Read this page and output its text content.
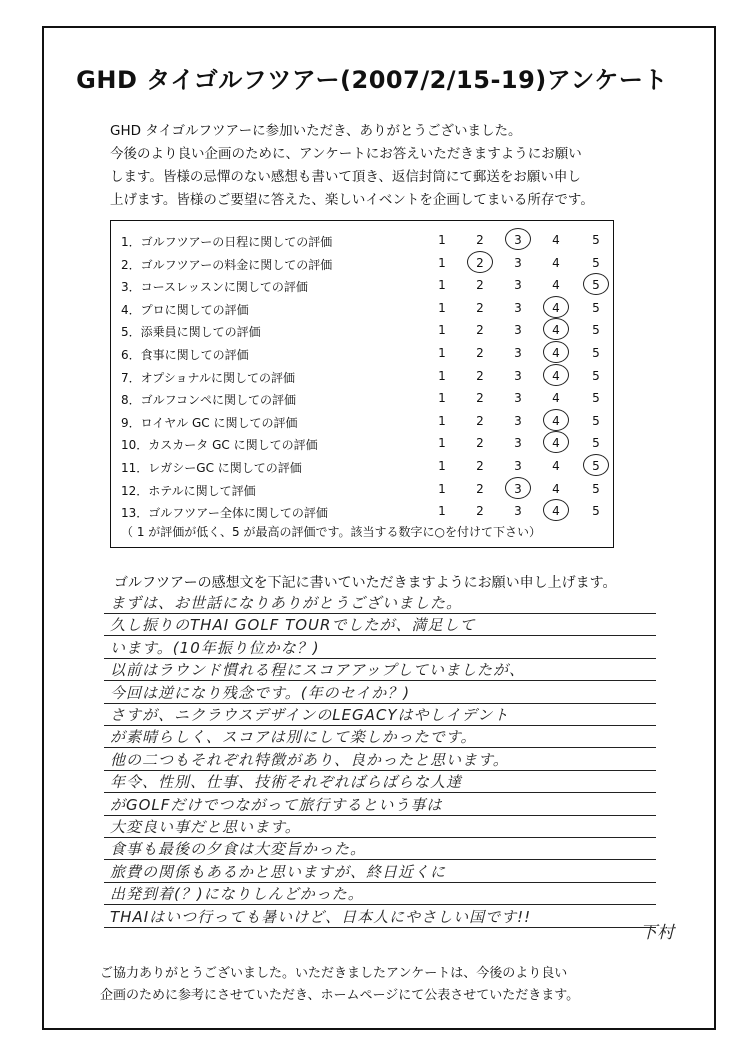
GHD タイゴルフツアー(2007/2/15-19)アンケート
GHD タイゴルフツアーに参加いただき、ありがとうございました。
今後のより良い企画のために、アンケートにお答えいただきますようにお願い
します。皆様の忌憚のない感想も書いて頂き、返信封筒にて郵送をお願い申し
上げます。皆様のご要望に答えた、楽しいイベントを企画してまいる所存です。
（ 1 が評価が低く、5 が最高の評価です。該当する数字に○を付けて下さい）
1．ゴルフツアーの日程に関しての評価	1	2	3	4	5
2．ゴルフツアーの料金に関しての評価	1	2	3	4	5
3．コースレッスンに関しての評価	1	2	3	4	5
4．プロに関しての評価	1	2	3	4	5
5．添乗員に関しての評価	1	2	3	4	5
6．食事に関しての評価	1	2	3	4	5
7．オプショナルに関しての評価	1	2	3	4	5
8．ゴルフコンペに関しての評価	1	2	3	4	5
9．ロイヤル GC に関しての評価	1	2	3	4	5
10．カスカータ GC に関しての評価	1	2	3	4	5
11．レガシーGC に関しての評価	1	2	3	4	5
12．ホテルに関して評価	1	2	3	4	5
13．ゴルフツアー全体に関しての評価	1	2	3	4	5
ゴルフツアーの感想文を下記に書いていただきますようにお願い申し上げます。
まずは、お世話になりありがとうございました。
久し振りのTHAI GOLF TOURでしたが、満足して
います。(10年振り位かな？)
以前はラウンド慣れる程にスコアアップしていましたが、
今回は逆になり残念です。(年のセイか？)
さすが、ニクラウスデザインのLEGACYはやしイデント
が素晴らしく、スコアは別にして楽しかったです。
他の二つもそれぞれ特徴があり、良かったと思います。
年令、性別、仕事、技術それぞればらばらな人達
がGOLFだけでつながって旅行するという事は
大変良い事だと思います。
食事も最後の夕食は大変旨かった。
旅費の関係もあるかと思いますが、終日近くに
出発到着(？)になりしんどかった。
THAIはいつ行っても暑いけど、日本人にやさしい国です!!
下村
ご協力ありがとうございました。いただきましたアンケートは、今後のより良い
企画のために参考にさせていただき、ホームページにて公表させていただきます。
